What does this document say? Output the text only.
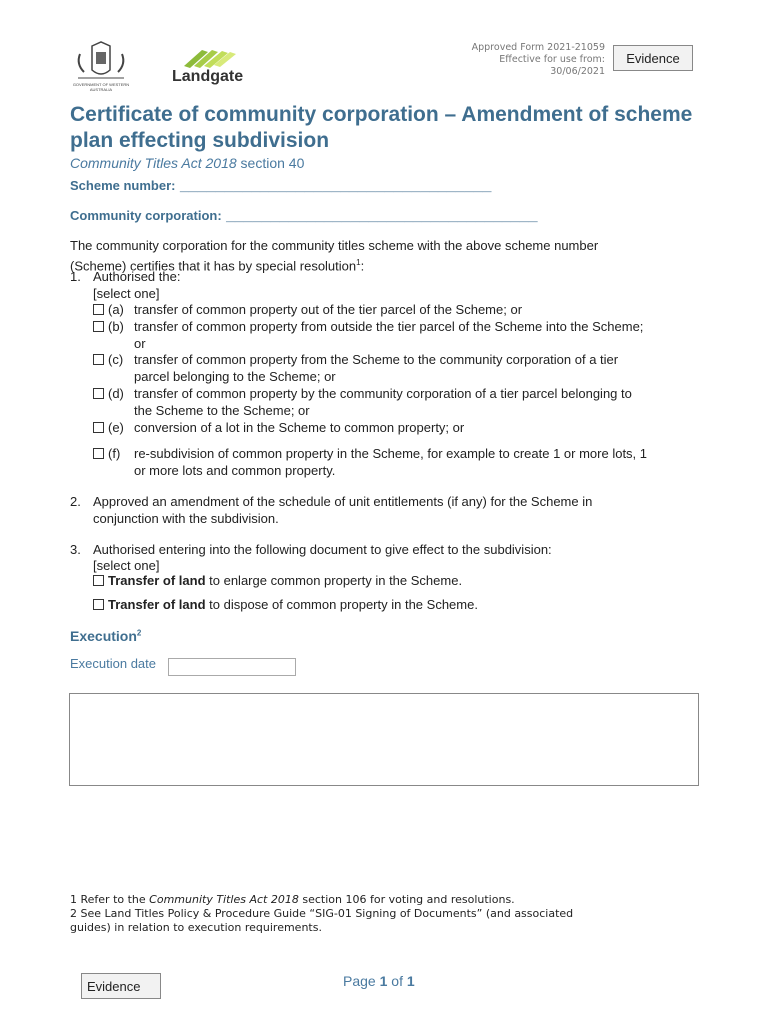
GOVERNMENT OF WESTERN AUSTRALIA
Landgate
Approved Form 2021-21059
Effective for use from:
30/06/2021
Evidence
Certificate of community corporation – Amendment of scheme plan effecting subdivision
Community Titles Act 2018 section 40
Scheme number: ___________________________________
Community corporation: ___________________________________
The community corporation for the community titles scheme with the above scheme number
(Scheme) certifies that it has by special resolution$^1$:
1. Authorised the:
[select one]
(a) transfer of common property out of the tier parcel of the Scheme; or
(b) transfer of common property from outside the tier parcel of the Scheme into the Scheme;
or
(c) transfer of common property from the Scheme to the community corporation of a tier
parcel belonging to the Scheme; or
(d) transfer of common property by the community corporation of a tier parcel belonging to
the Scheme to the Scheme; or
(e) conversion of a lot in the Scheme to common property; or
(f) re-subdivision of common property in the Scheme, for example to create 1 or more lots, 1
or more lots and common property.
2. Approved an amendment of the schedule of unit entitlements (if any) for the Scheme in
conjunction with the subdivision.
3. Authorised entering into the following document to give effect to the subdivision:
[select one]
Transfer of land to enlarge common property in the Scheme.
Transfer of land to dispose of common property in the Scheme.
Execution$^2$
Execution date
1 Refer to the Community Titles Act 2018 section 106 for voting and resolutions.
2 See Land Titles Policy & Procedure Guide “SIG-01 Signing of Documents” (and associated
guides) in relation to execution requirements.
Evidence	Page 1 of 1
